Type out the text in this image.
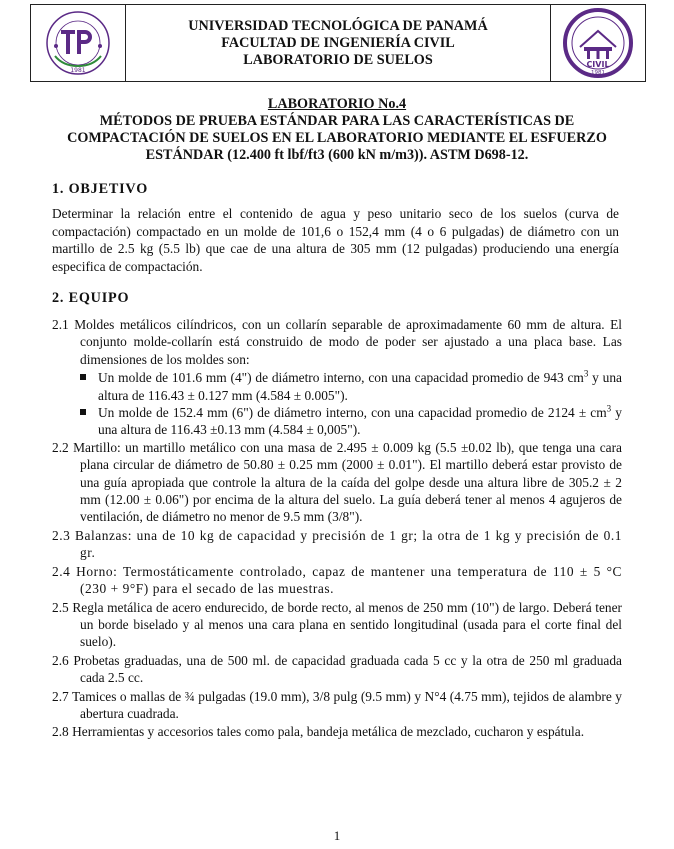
1981
UNIVERSIDAD TECNOLÓGICA DE PANAMÁ
FACULTAD DE INGENIERÍA CIVIL
LABORATORIO DE SUELOS	CIVIL
1981
LABORATORIO No.4
MÉTODOS DE PRUEBA ESTÁNDAR PARA LAS CARACTERÍSTICAS DE
COMPACTACIÓN DE SUELOS EN EL LABORATORIO MEDIANTE EL ESFUERZO
ESTÁNDAR (12.400 ft lbf/ft3 (600 kN m/m3)). ASTM D698-12.
1. OBJETIVO

Determinar la relación entre el contenido de agua y peso unitario seco de los suelos (curva de compactación) compactado en un molde de 101,6 o 152,4 mm (4 o 6 pulgadas) de diámetro con un martillo de 2.5 kg (5.5 lb) que cae de una altura de 305 mm (12 pulgadas) produciendo una energía especifica de compactación.

2. EQUIPO
2.1 Moldes metálicos cilíndricos, con un collarín separable de aproximadamente 60 mm de altura. El conjunto molde-collarín está construido de modo de poder ser ajustado a una placa base. Las dimensiones de los moldes son:
Un molde de 101.6 mm (4") de diámetro interno, con una capacidad promedio de 943 $cm^3$ y una altura de 116.43 ± 0.127 mm (4.584 ± 0.005").
Un molde de 152.4 mm (6") de diámetro interno, con una capacidad promedio de $2124 \pm cm^3$ y una altura de 116.43 ±0.13 mm (4.584 ± 0,005").
2.2 Martillo: un martillo metálico con una masa de 2.495 ± 0.009 kg (5.5 ±0.02 lb), que tenga una cara plana circular de diámetro de 50.80 ± 0.25 mm (2000 ± 0.01"). El martillo deberá estar provisto de una guía apropiada que controle la altura de la caída del golpe desde una altura libre de 305.2 ± 2 mm (12.00 ± 0.06") por encima de la altura del suelo. La guía deberá tener al menos 4 agujeros de ventilación, de diámetro no menor de 9.5 mm (3/8").
2.3 Balanzas: una de 10 kg de capacidad y precisión de 1 gr; la otra de 1 kg y precisión de 0.1 gr.
2.4 Horno: Termostáticamente controlado, capaz de mantener una temperatura de 110 ± 5 °C (230 + 9°F) para el secado de las muestras.
2.5 Regla metálica de acero endurecido, de borde recto, al menos de 250 mm (10") de largo. Deberá tener un borde biselado y al menos una cara plana en sentido longitudinal (usada para el corte final del suelo).
2.6 Probetas graduadas, una de 500 ml. de capacidad graduada cada 5 cc y la otra de 250 ml graduada cada 2.5 cc.
2.7 Tamices o mallas de ¾ pulgadas (19.0 mm), 3/8 pulg (9.5 mm) y N°4 (4.75 mm), tejidos de alambre y abertura cuadrada.
2.8 Herramientas y accesorios tales como pala, bandeja metálica de mezclado, cucharon y espátula.
1
